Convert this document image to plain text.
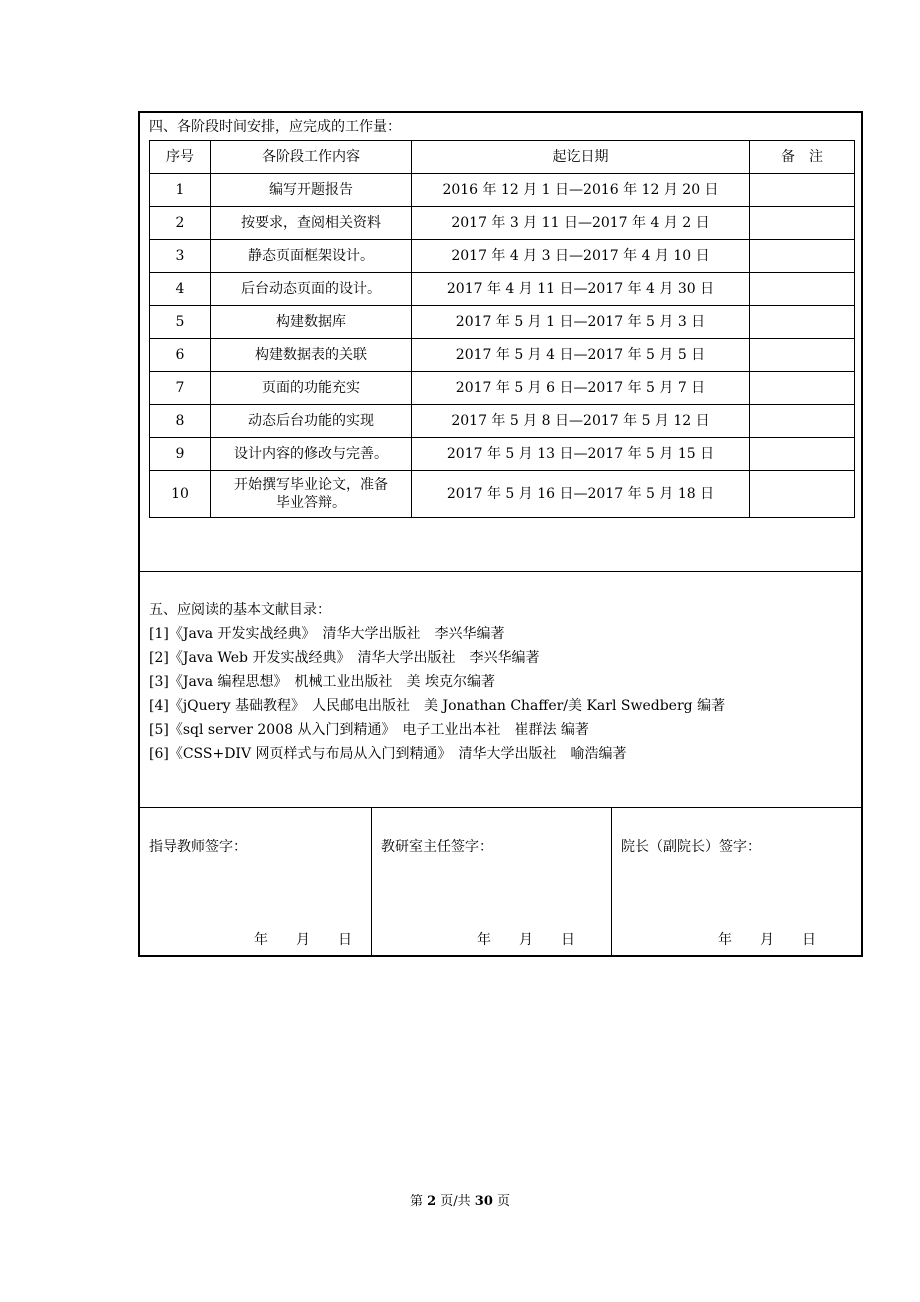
四、各阶段时间安排，应完成的工作量：
序号	各阶段工作内容	起讫日期	备　注
1	编写开题报告	2016 年 12 月 1 日—2016 年 12 月 20 日	
2	按要求，查阅相关资料	2017 年 3 月 11 日—2017 年 4 月 2 日	
3	静态页面框架设计。	2017 年 4 月 3 日—2017 年 4 月 10 日	
4	后台动态页面的设计。	2017 年 4 月 11 日—2017 年 4 月 30 日	
5	构建数据库	2017 年 5 月 1 日—2017 年 5 月 3 日	
6	构建数据表的关联	2017 年 5 月 4 日—2017 年 5 月 5 日	
7	页面的功能充实	2017 年 5 月 6 日—2017 年 5 月 7 日	
8	动态后台功能的实现	2017 年 5 月 8 日—2017 年 5 月 12 日	
9	设计内容的修改与完善。	2017 年 5 月 13 日—2017 年 5 月 15 日	
10	开始撰写毕业论文，准备
毕业答辩。	2017 年 5 月 16 日—2017 年 5 月 18 日	
五、应阅读的基本文献目录：
[1]《Java 开发实战经典》　清华大学出版社　李兴华编著
[2]《Java Web 开发实战经典》　清华大学出版社　李兴华编著
[3]《Java 编程思想》　机械工业出版社　美 埃克尔编著
[4]《jQuery 基础教程》　人民邮电出版社　美 Jonathan Chaffer/美 Karl Swedberg 编著
[5]《sql server 2008 从入门到精通》　电子工业出本社　崔群法 编著
[6]《CSS+DIV 网页样式与布局从入门到精通》　清华大学出版社　喻浩编著
指导教师签字：
年　　月　　日
教研室主任签字：
年　　月　　日
院长（副院长）签字：
年　　月　　日
第 2 页/共 30 页
